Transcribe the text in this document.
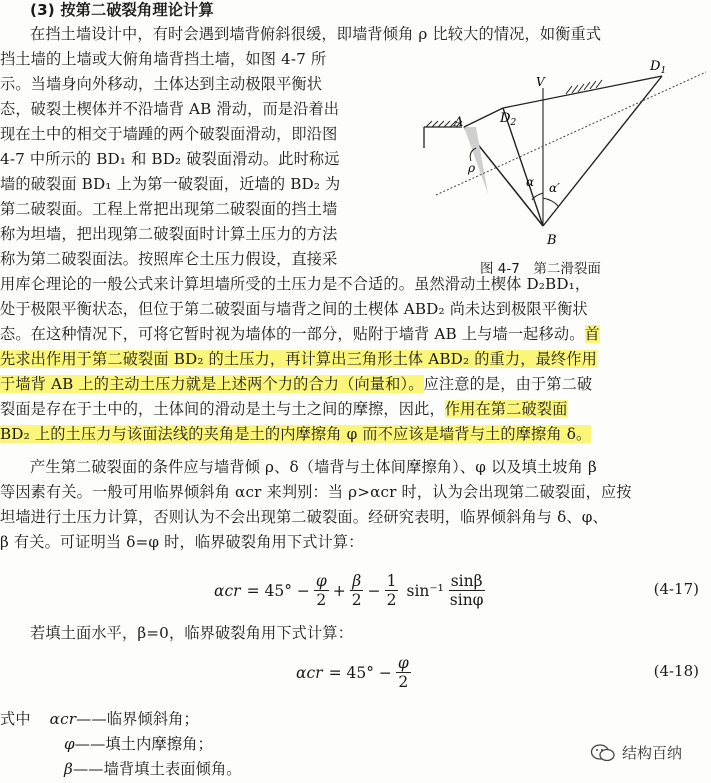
(3) 按第二破裂角理论计算
在挡土墙设计中，有时会遇到墙背俯斜很缓，即墙背倾角 ρ 比较大的情况，如衡重式
挡土墙的上墙或大俯角墙背挡土墙，如图 4-7 所
示。当墙身向外移动，土体达到主动极限平衡状
态，破裂土楔体并不沿墙背 AB 滑动，而是沿着出
现在土中的相交于墙踵的两个破裂面滑动，即沿图
4-7 中所示的 BD₁ 和 BD₂ 破裂面滑动。此时称远
墙的破裂面 BD₁ 上为第一破裂面，近墙的 BD₂ 为
第二破裂面。工程上常把出现第二破裂面的挡土墙
称为坦墙，把出现第二破裂面时计算土压力的方法
称为第二破裂面法。按照库仑土压力假设，直接采
用库仑理论的一般公式来计算坦墙所受的土压力是不合适的。虽然滑动土楔体 D₂BD₁，
处于极限平衡状态，但位于第二破裂面与墙背之间的土楔体 ABD₂ 尚未达到极限平衡状
态。在这种情况下，可将它暂时视为墙体的一部分，贴附于墙背 AB 上与墙一起移动。首
先求出作用于第二破裂面 BD₂ 的土压力，再计算出三角形土体 ABD₂ 的重力，最终作用
于墙背 AB 上的主动土压力就是上述两个力的合力（向量和）。应注意的是，由于第二破
裂面是存在于土中的，土体间的滑动是土与土之间的摩擦，因此，作用在第二破裂面
BD₂ 上的土压力与该面法线的夹角是土的内摩擦角 φ 而不应该是墙背与土的摩擦角 δ。
产生第二破裂面的条件应与墙背倾 ρ、δ（墙背与土体间摩擦角）、φ 以及填土坡角 β
等因素有关。一般可用临界倾斜角 αcr 来判别：当 ρ>αcr 时，认为会出现第二破裂面，应按
坦墙进行土压力计算，否则认为不会出现第二破裂面。经研究表明，临界倾斜角与 δ、φ、
β 有关。可证明当 δ=φ 时，临界破裂角用下式计算：
$\alpha cr = 45^\circ - \frac{\varphi}{2} + \frac{\beta}{2} - \frac{1}{2} \sin^{-1} \frac{\sin\beta}{\sin\varphi}$	(4-17)
若填土面水平，β=0，临界破裂角用下式计算：
$\alpha cr = 45^\circ - \frac{\varphi}{2}$	(4-18)
式中 αcr——临界倾斜角；
φ——填土内摩擦角；
β——墙背填土表面倾角。
A
B
$D_1$
$D_2$
V
ρ
α α′
图 4-7　第二滑裂面
结构百纳
